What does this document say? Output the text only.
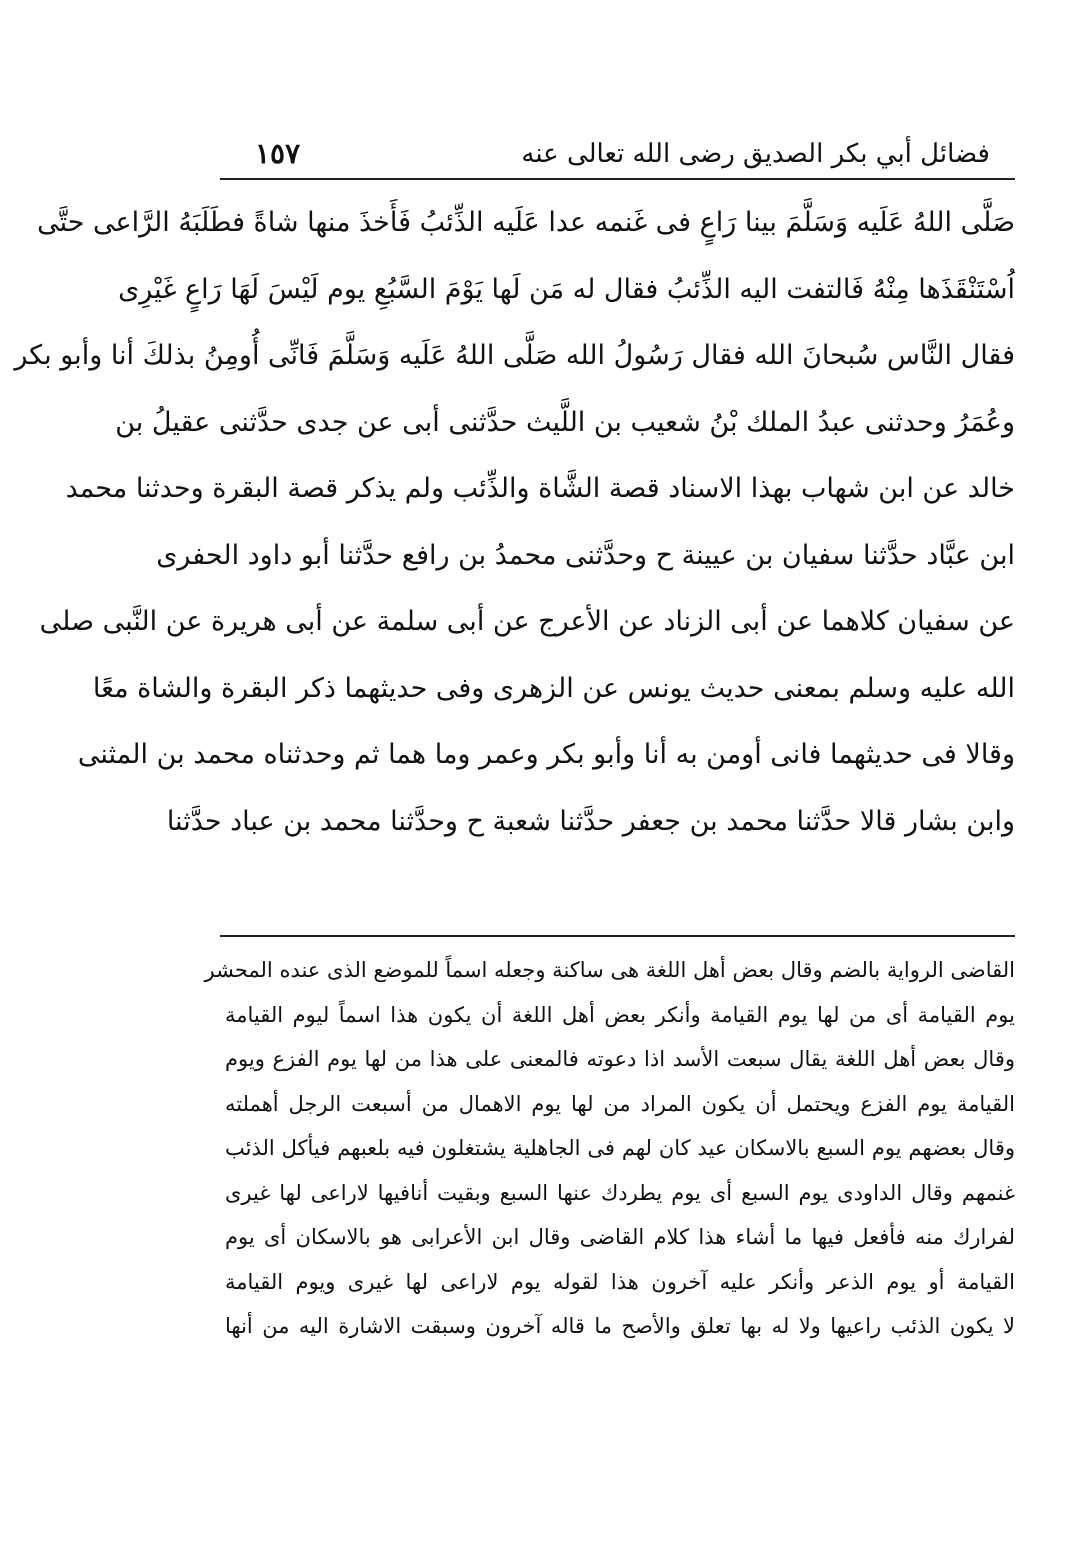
فضائل أبي بكر الصديق رضى الله تعالى عنه
١٥٧
صَلَّى اللهُ عَلَيه وَسَلَّمَ بينا رَاعٍ فى غَنمه عدا عَلَيه الذِّئبُ فَأَخذَ منها شاةً فطَلَبَهُ الرَّاعى حتَّى
اُسْتَنْقَذَها مِنْهُ فَالتفت اليه الذِّئبُ فقال له مَن لَها يَوْمَ السَّبُعِ يوم لَيْسَ لَهَا رَاعٍ غَيْرِى
فقال النَّاس سُبحانَ الله فقال رَسُولُ الله صَلَّى اللهُ عَلَيه وَسَلَّمَ فَانِّى أُومِنُ بذلكَ أنا وأبو بكر
وعُمَرُ وحدثنى عبدُ الملك بْنُ شعيب بن اللَّيث حدَّثنى أبى عن جدى حدَّثنى عقيلُ بن
خالد عن ابن شهاب بهذا الاسناد قصة الشَّاة والذِّئب ولم يذكر قصة البقرة وحدثنا محمد
ابن عبَّاد حدَّثنا سفيان بن عيينة ح وحدَّثنى محمدُ بن رافع حدَّثنا أبو داود الحفرى
عن سفيان كلاهما عن أبى الزناد عن الأعرج عن أبى سلمة عن أبى هريرة عن النَّبى صلى
الله عليه وسلم بمعنى حديث يونس عن الزهرى وفى حديثهما ذكر البقرة والشاة معًا
وقالا فى حديثهما فانى أومن به أنا وأبو بكر وعمر وما هما ثم وحدثناه محمد بن المثنى
وابن بشار قالا حدَّثنا محمد بن جعفر حدَّثنا شعبة ح وحدَّثنا محمد بن عباد حدَّثنا
القاضى الرواية بالضم وقال بعض أهل اللغة هى ساكنة وجعله اسماً للموضع الذى عنده المحشر
يوم القيامة أى من لها يوم القيامة وأنكر بعض أهل اللغة أن يكون هذا اسماً ليوم القيامة
وقال بعض أهل اللغة يقال سبعت الأسد اذا دعوته فالمعنى على هذا من لها يوم الفزع ويوم
القيامة يوم الفزع ويحتمل أن يكون المراد من لها يوم الاهمال من أسبعت الرجل أهملته
وقال بعضهم يوم السبع بالاسكان عيد كان لهم فى الجاهلية يشتغلون فيه بلعبهم فيأكل الذئب
غنمهم وقال الداودى يوم السبع أى يوم يطردك عنها السبع وبقيت أنافيها لاراعى لها غيرى
لفرارك منه فأفعل فيها ما أشاء هذا كلام القاضى وقال ابن الأعرابى هو بالاسكان أى يوم
القيامة أو يوم الذعر وأنكر عليه آخرون هذا لقوله يوم لاراعى لها غيرى ويوم القيامة
لا يكون الذئب راعيها ولا له بها تعلق والأصح ما قاله آخرون وسبقت الاشارة اليه من أنها
